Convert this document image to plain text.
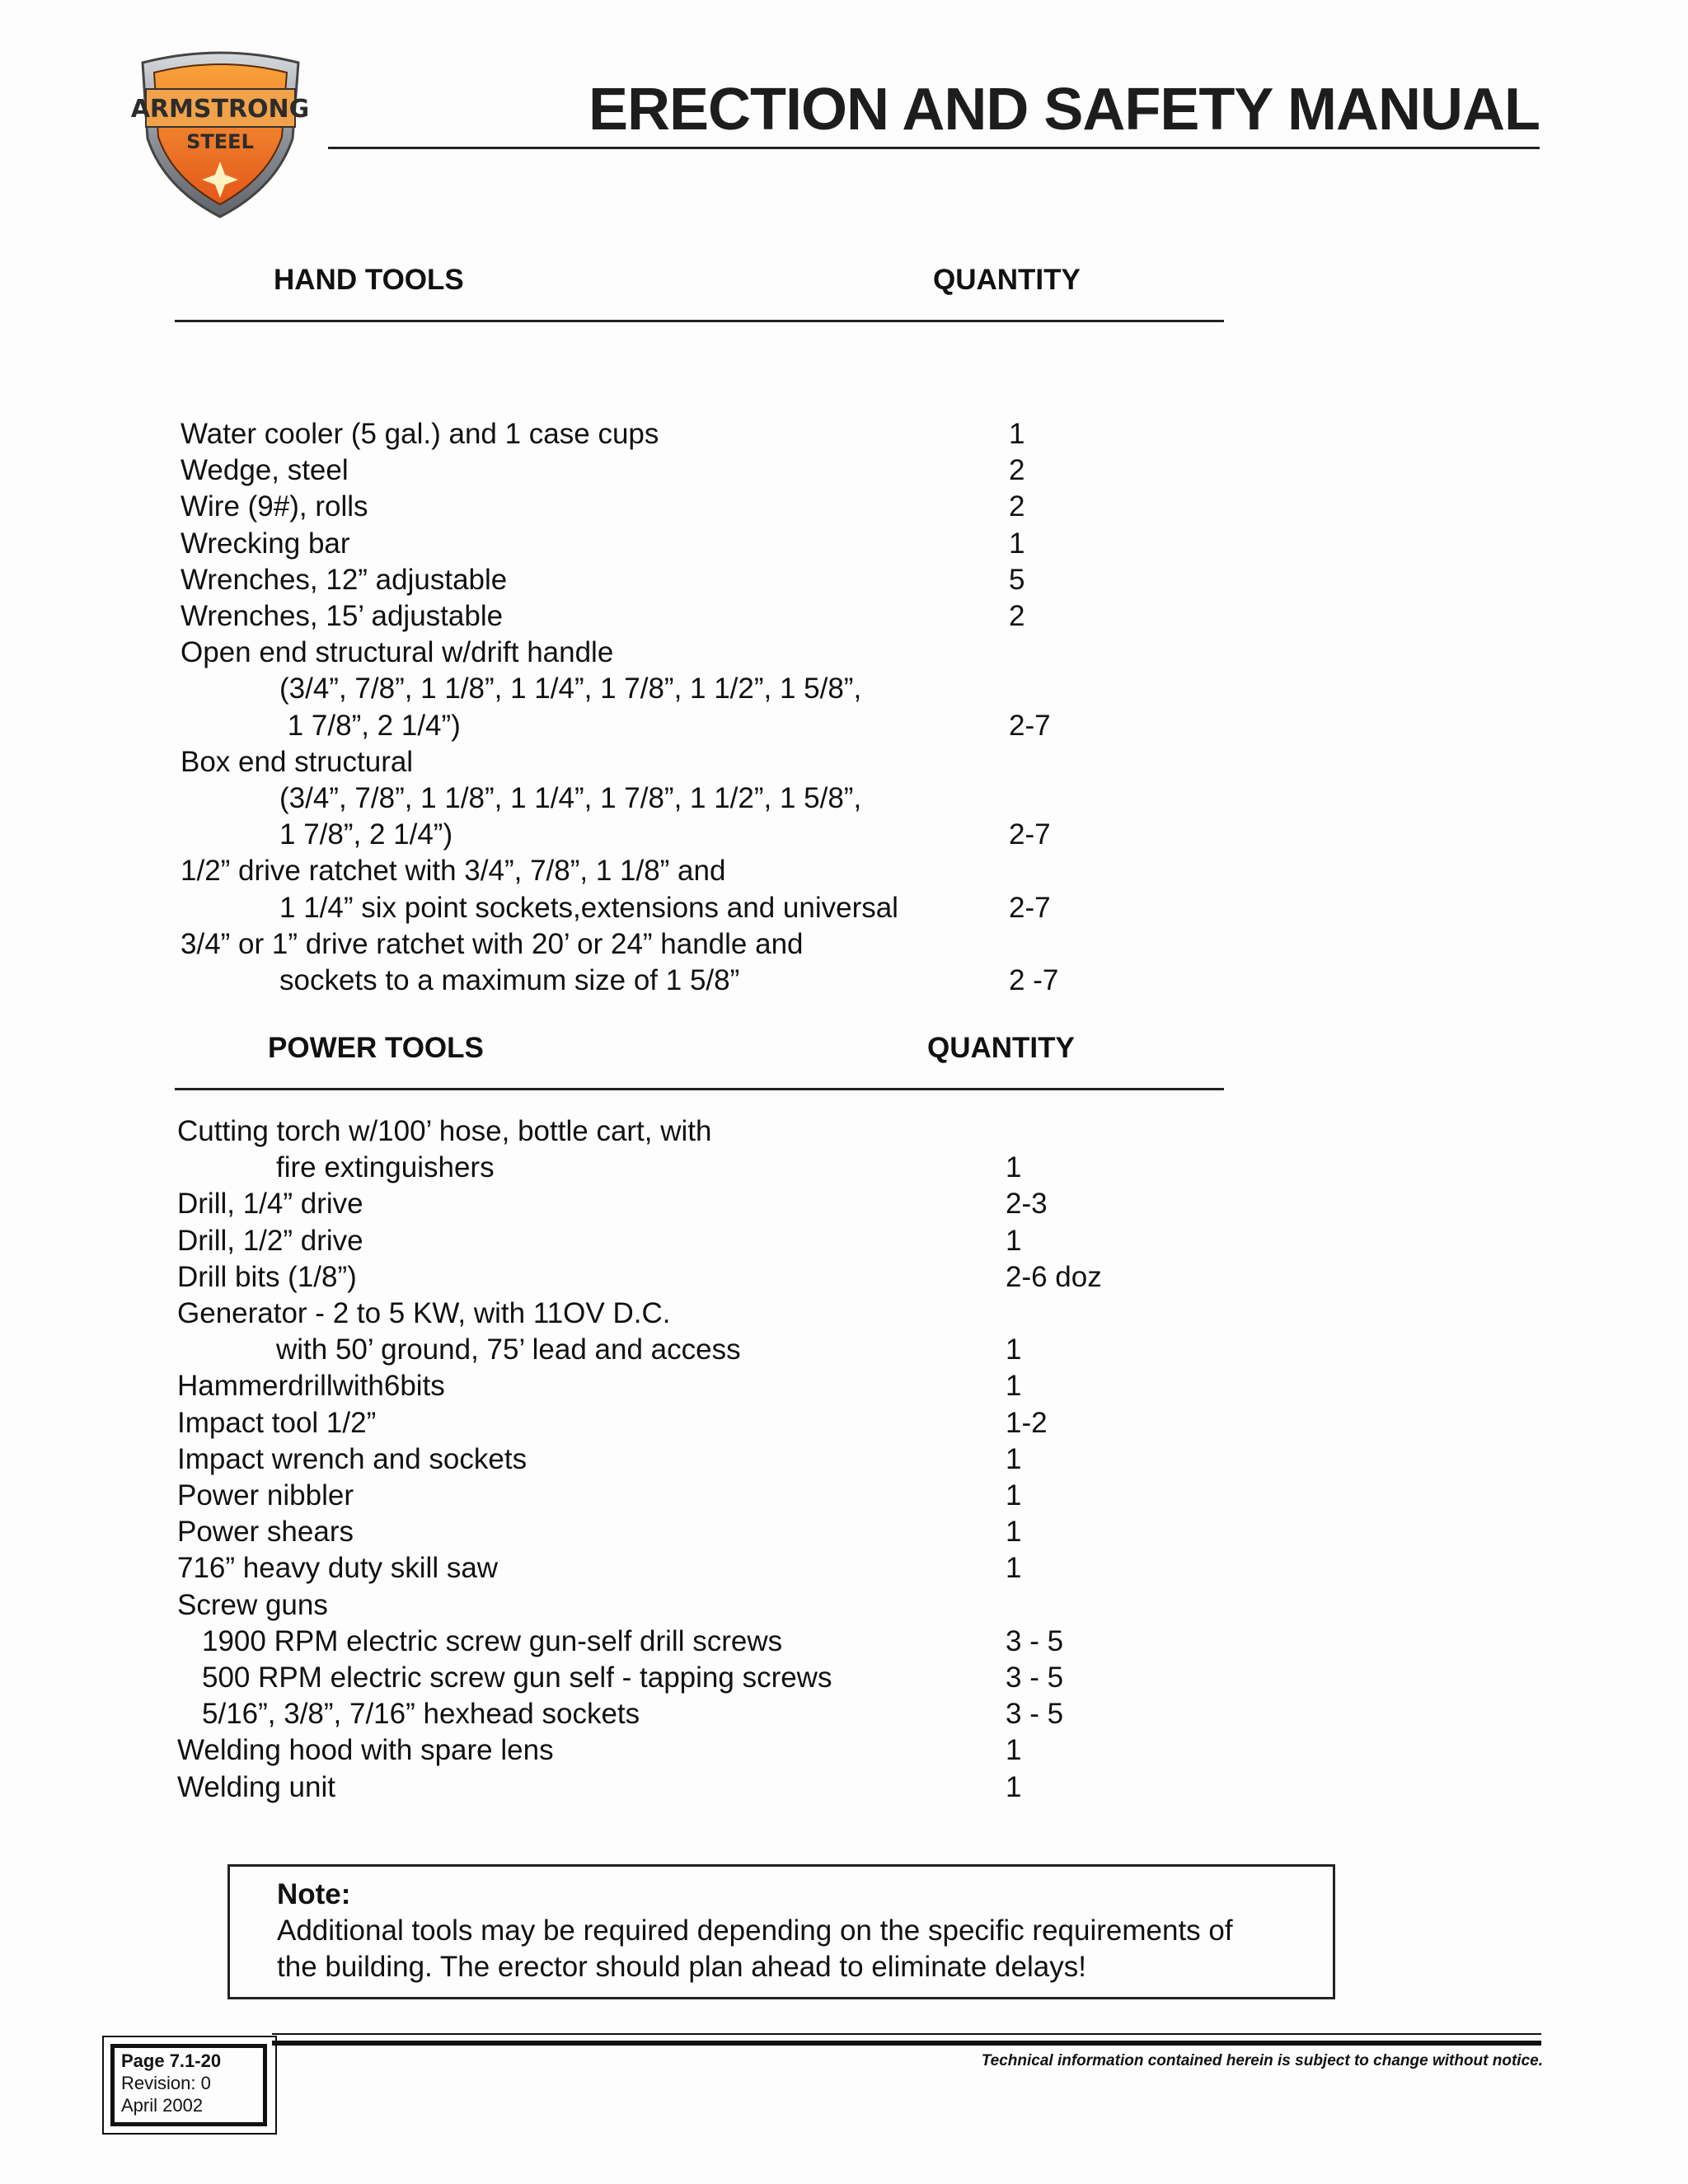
ARMSTRONG
STEEL	ERECTION AND SAFETY MANUAL
HAND TOOLS	QUANTITY
Water cooler (5 gal.) and 1 case cups	1
Wedge, steel	2
Wire (9#), rolls	2
Wrecking bar	1
Wrenches, 12” adjustable	5
Wrenches, 15’ adjustable	2
Open end structural w/drift handle
(3/4”, 7/8”, 1 1/8”, 1 1/4”, 1 7/8”, 1 1/2”, 1 5/8”,
1 7/8”, 2 1/4”)	2-7
Box end structural
(3/4”, 7/8”, 1 1/8”, 1 1/4”, 1 7/8”, 1 1/2”, 1 5/8”,
1 7/8”, 2 1/4”)	2-7
1/2” drive ratchet with 3/4”, 7/8”, 1 1/8” and
1 1/4” six point sockets,extensions and universal	2-7
3/4” or 1” drive ratchet with 20’ or 24” handle and
sockets to a maximum size of 1 5/8”	2 -7
POWER TOOLS	QUANTITY
Cutting torch w/100’ hose, bottle cart, with
fire extinguishers	1
Drill, 1/4” drive	2-3
Drill, 1/2” drive	1
Drill bits (1/8”)	2-6 doz
Generator - 2 to 5 KW, with 11OV D.C.
with 50’ ground, 75’ lead and access	1
Hammerdrillwith6bits	1
Impact tool 1/2”	1-2
Impact wrench and sockets	1
Power nibbler	1
Power shears	1
716” heavy duty skill saw	1
Screw guns
1900 RPM electric screw gun-self drill screws	3 - 5
500 RPM electric screw gun self - tapping screws	3 - 5
5/16”, 3/8”, 7/16” hexhead sockets	3 - 5
Welding hood with spare lens	1
Welding unit	1
Note:
Additional tools may be required depending on the specific requirements of
the building. The erector should plan ahead to eliminate delays!
Technical information contained herein is subject to change without notice.
Page 7.1-20
Revision: 0
April 2002
